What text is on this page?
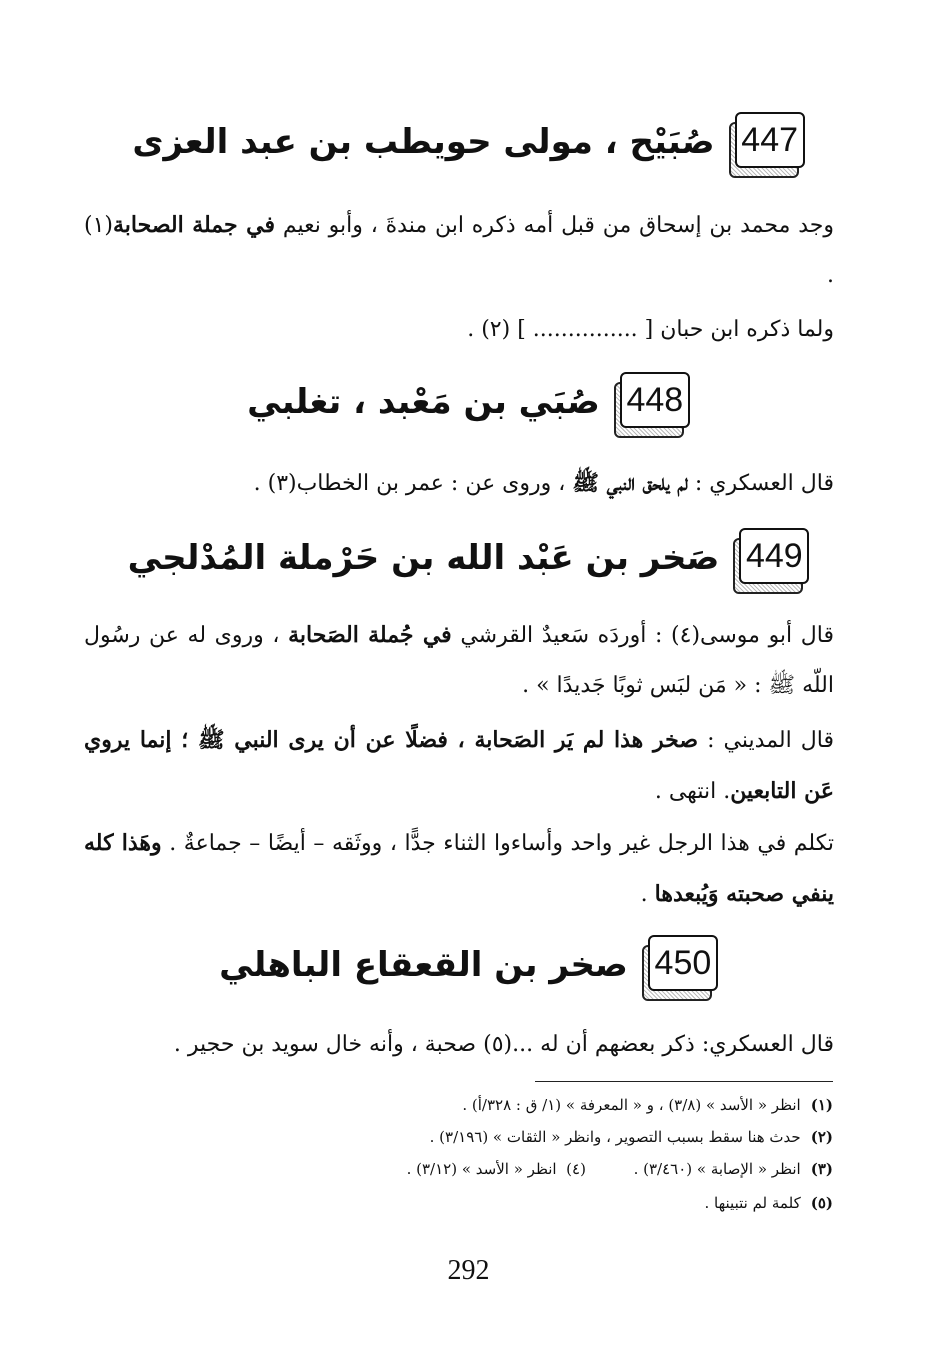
447
صُبَيْح ، مولى حويطب بن عبد العزى
وجد محمد بن إسحاق من قبل أمه ذكره ابن مندةَ ، وأبو نعيم في جملة الصحابة(١) .
ولما ذكره ابن حبان [ ............... ] (٢) .
448
صُبَي بن مَعْبد ، تغلبي
قال العسكري : لم يلحق النبي ﷺ ، وروى عن : عمر بن الخطاب(٣) .
449
صَخر بن عَبْد الله بن حَرْملة المُدْلجي
قال أبو موسى(٤) : أوردَه سَعيدٌ القرشي في جُملة الصَحابة ، وروى له عن رسُول اللّه ﷺ : « مَن لبَس ثوبًا جَديدًا » .
قال المديني : صخر هذا لم يَر الصَحابة ، فضلًا عن أن يرى النبي ﷺ ؛ إنما يروي عَن التابعين. انتهى .
تكلم في هذا الرجل غير واحد وأساءوا الثناء جدًّا ، ووثَقه – أيضًا – جماعةٌ . وهَذا كله ينفي صحبته وَيُبعدها .
450
صخر بن القعقاع الباهلي
قال العسكري: ذكر بعضهم أن له ...(٥) صحبة ، وأنه خال سويد بن حجير .
(١)انظر « الأسد » (٣/٨) ، و « المعرفة » (١/ ق : ٣٢٨/أ) .
(٢)حدث هنا سقط بسبب التصوير ، وانظر « الثقات » (٣/١٩٦) .
(٣)انظر « الإصابة » (٣/٤٦٠) .          (٤)  انظر « الأسد » (٣/١٢) .
(٥)كلمة لم نتبينها .
292
